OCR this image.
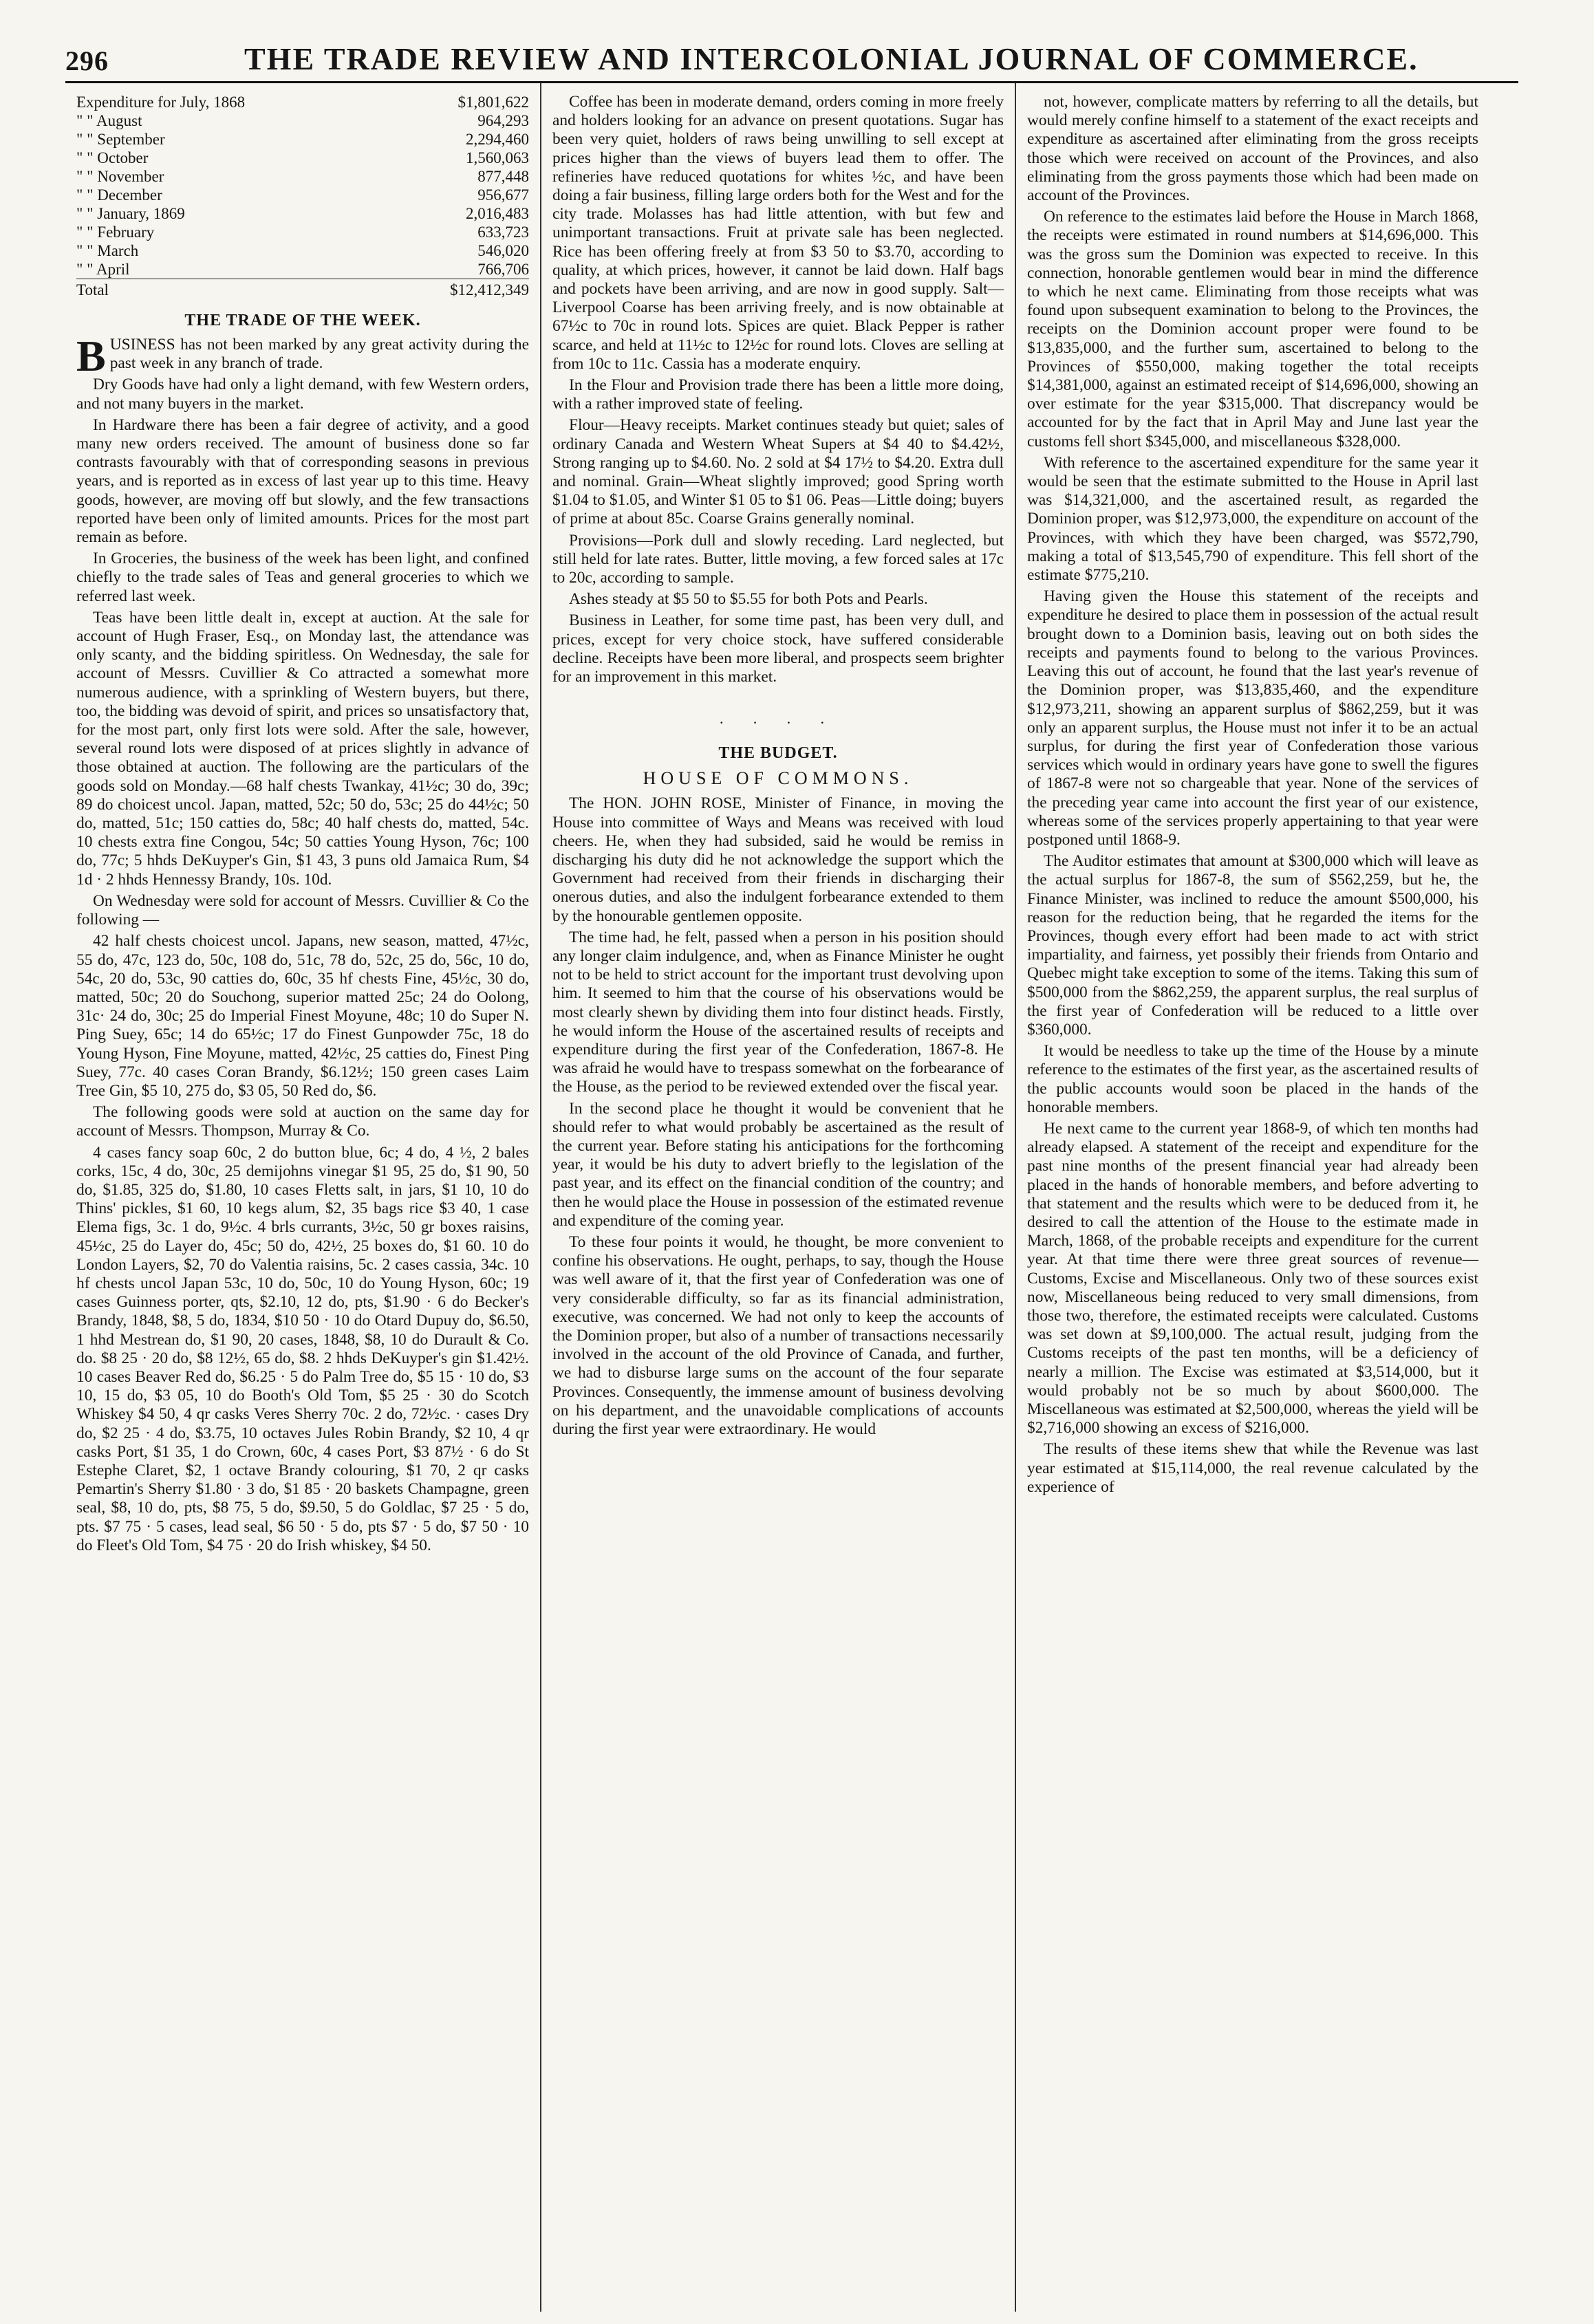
296	THE TRADE REVIEW AND INTERCOLONIAL JOURNAL OF COMMERCE.
Expenditure for July, 1868	$1,801,622
" " August	964,293
" " September	2,294,460
" " October	1,560,063
" " November	877,448
" " December	956,677
" " January, 1869	2,016,483
" " February	633,723
" " March	546,020
" " April	766,706
Total	$12,412,349
THE TRADE OF THE WEEK.

BUSINESS has not been marked by any great activity during the past week in any branch of trade.

Dry Goods have had only a light demand, with few Western orders, and not many buyers in the market.

In Hardware there has been a fair degree of activity, and a good many new orders received. The amount of business done so far contrasts favourably with that of corresponding seasons in previous years, and is reported as in excess of last year up to this time. Heavy goods, however, are moving off but slowly, and the few transactions reported have been only of limited amounts. Prices for the most part remain as before.

In Groceries, the business of the week has been light, and confined chiefly to the trade sales of Teas and general groceries to which we referred last week.

Teas have been little dealt in, except at auction. At the sale for account of Hugh Fraser, Esq., on Monday last, the attendance was only scanty, and the bidding spiritless. On Wednesday, the sale for account of Messrs. Cuvillier & Co attracted a somewhat more numerous audience, with a sprinkling of Western buyers, but there, too, the bidding was devoid of spirit, and prices so unsatisfactory that, for the most part, only first lots were sold. After the sale, however, several round lots were disposed of at prices slightly in advance of those obtained at auction. The following are the particulars of the goods sold on Monday.—68 half chests Twankay, 41½c; 30 do, 39c; 89 do choicest uncol. Japan, matted, 52c; 50 do, 53c; 25 do 44½c; 50 do, matted, 51c; 150 catties do, 58c; 40 half chests do, matted, 54c. 10 chests extra fine Congou, 54c; 50 catties Young Hyson, 76c; 100 do, 77c; 5 hhds DeKuyper's Gin, $1 43, 3 puns old Jamaica Rum, $4 1d · 2 hhds Hennessy Brandy, 10s. 10d.

On Wednesday were sold for account of Messrs. Cuvillier & Co the following —

42 half chests choicest uncol. Japans, new season, matted, 47½c, 55 do, 47c, 123 do, 50c, 108 do, 51c, 78 do, 52c, 25 do, 56c, 10 do, 54c, 20 do, 53c, 90 catties do, 60c, 35 hf chests Fine, 45½c, 30 do, matted, 50c; 20 do Souchong, superior matted 25c; 24 do Oolong, 31c· 24 do, 30c; 25 do Imperial Finest Moyune, 48c; 10 do Super N. Ping Suey, 65c; 14 do 65½c; 17 do Finest Gunpowder 75c, 18 do Young Hyson, Fine Moyune, matted, 42½c, 25 catties do, Finest Ping Suey, 77c. 40 cases Coran Brandy, $6.12½; 150 green cases Laim Tree Gin, $5 10, 275 do, $3 05, 50 Red do, $6.

The following goods were sold at auction on the same day for account of Messrs. Thompson, Murray & Co.

4 cases fancy soap 60c, 2 do button blue, 6c; 4 do, 4 ½, 2 bales corks, 15c, 4 do, 30c, 25 demijohns vinegar $1 95, 25 do, $1 90, 50 do, $1.85, 325 do, $1.80, 10 cases Fletts salt, in jars, $1 10, 10 do Thins' pickles, $1 60, 10 kegs alum, $2, 35 bags rice $3 40, 1 case Elema figs, 3c. 1 do, 9½c. 4 brls currants, 3½c, 50 gr boxes raisins, 45½c, 25 do Layer do, 45c; 50 do, 42½, 25 boxes do, $1 60. 10 do London Layers, $2, 70 do Valentia raisins, 5c. 2 cases cassia, 34c. 10 hf chests uncol Japan 53c, 10 do, 50c, 10 do Young Hyson, 60c; 19 cases Guinness porter, qts, $2.10, 12 do, pts, $1.90 · 6 do Becker's Brandy, 1848, $8, 5 do, 1834, $10 50 · 10 do Otard Dupuy do, $6.50, 1 hhd Mestrean do, $1 90, 20 cases, 1848, $8, 10 do Durault & Co. do. $8 25 · 20 do, $8 12½, 65 do, $8. 2 hhds DeKuyper's gin $1.42½. 10 cases Beaver Red do, $6.25 · 5 do Palm Tree do, $5 15 · 10 do, $3 10, 15 do, $3 05, 10 do Booth's Old Tom, $5 25 · 30 do Scotch Whiskey $4 50, 4 qr casks Veres Sherry 70c. 2 do, 72½c. · cases Dry do, $2 25 · 4 do, $3.75, 10 octaves Jules Robin Brandy, $2 10, 4 qr casks Port, $1 35, 1 do Crown, 60c, 4 cases Port, $3 87½ · 6 do St Estephe Claret, $2, 1 octave Brandy colouring, $1 70, 2 qr casks Pemartin's Sherry $1.80 · 3 do, $1 85 · 20 baskets Champagne, green seal, $8, 10 do, pts, $8 75, 5 do, $9.50, 5 do Goldlac, $7 25 · 5 do, pts. $7 75 · 5 cases, lead seal, $6 50 · 5 do, pts $7 · 5 do, $7 50 · 10 do Fleet's Old Tom, $4 75 · 20 do Irish whiskey, $4 50.

Coffee has been in moderate demand, orders coming in more freely and holders looking for an advance on present quotations. Sugar has been very quiet, holders of raws being unwilling to sell except at prices higher than the views of buyers lead them to offer. The refineries have reduced quotations for whites ½c, and have been doing a fair business, filling large orders both for the West and for the city trade. Molasses has had little attention, with but few and unimportant transactions. Fruit at private sale has been neglected. Rice has been offering freely at from $3 50 to $3.70, according to quality, at which prices, however, it cannot be laid down. Half bags and pockets have been arriving, and are now in good supply. Salt—Liverpool Coarse has been arriving freely, and is now obtainable at 67½c to 70c in round lots. Spices are quiet. Black Pepper is rather scarce, and held at 11½c to 12½c for round lots. Cloves are selling at from 10c to 11c. Cassia has a moderate enquiry.

In the Flour and Provision trade there has been a little more doing, with a rather improved state of feeling.

Flour—Heavy receipts. Market continues steady but quiet; sales of ordinary Canada and Western Wheat Supers at $4 40 to $4.42½, Strong ranging up to $4.60. No. 2 sold at $4 17½ to $4.20. Extra dull and nominal. Grain—Wheat slightly improved; good Spring worth $1.04 to $1.05, and Winter $1 05 to $1 06. Peas—Little doing; buyers of prime at about 85c. Coarse Grains generally nominal.

Provisions—Pork dull and slowly receding. Lard neglected, but still held for late rates. Butter, little moving, a few forced sales at 17c to 20c, according to sample.

Ashes steady at $5 50 to $5.55 for both Pots and Pearls.

Business in Leather, for some time past, has been very dull, and prices, except for very choice stock, have suffered considerable decline. Receipts have been more liberal, and prospects seem brighter for an improvement in this market.

· · · ·
THE BUDGET.
HOUSE OF COMMONS.

The HON. JOHN ROSE, Minister of Finance, in moving the House into committee of Ways and Means was received with loud cheers. He, when they had subsided, said he would be remiss in discharging his duty did he not acknowledge the support which the Government had received from their friends in discharging their onerous duties, and also the indulgent forbearance extended to them by the honourable gentlemen opposite.

The time had, he felt, passed when a person in his position should any longer claim indulgence, and, when as Finance Minister he ought not to be held to strict account for the important trust devolving upon him. It seemed to him that the course of his observations would be most clearly shewn by dividing them into four distinct heads. Firstly, he would inform the House of the ascertained results of receipts and expenditure during the first year of the Confederation, 1867-8. He was afraid he would have to trespass somewhat on the forbearance of the House, as the period to be reviewed extended over the fiscal year.

In the second place he thought it would be convenient that he should refer to what would probably be ascertained as the result of the current year. Before stating his anticipations for the forthcoming year, it would be his duty to advert briefly to the legislation of the past year, and its effect on the financial condition of the country; and then he would place the House in possession of the estimated revenue and expenditure of the coming year.

To these four points it would, he thought, be more convenient to confine his observations. He ought, perhaps, to say, though the House was well aware of it, that the first year of Confederation was one of very considerable difficulty, so far as its financial administration, executive, was concerned. We had not only to keep the accounts of the Dominion proper, but also of a number of transactions necessarily involved in the account of the old Province of Canada, and further, we had to disburse large sums on the account of the four separate Provinces. Consequently, the immense amount of business devolving on his department, and the unavoidable complications of accounts during the first year were extraordinary. He would

not, however, complicate matters by referring to all the details, but would merely confine himself to a statement of the exact receipts and expenditure as ascertained after eliminating from the gross receipts those which were received on account of the Provinces, and also eliminating from the gross payments those which had been made on account of the Provinces.

On reference to the estimates laid before the House in March 1868, the receipts were estimated in round numbers at $14,696,000. This was the gross sum the Dominion was expected to receive. In this connection, honorable gentlemen would bear in mind the difference to which he next came. Eliminating from those receipts what was found upon subsequent examination to belong to the Provinces, the receipts on the Dominion account proper were found to be $13,835,000, and the further sum, ascertained to belong to the Provinces of $550,000, making together the total receipts $14,381,000, against an estimated receipt of $14,696,000, showing an over estimate for the year $315,000. That discrepancy would be accounted for by the fact that in April May and June last year the customs fell short $345,000, and miscellaneous $328,000.

With reference to the ascertained expenditure for the same year it would be seen that the estimate submitted to the House in April last was $14,321,000, and the ascertained result, as regarded the Dominion proper, was $12,973,000, the expenditure on account of the Provinces, with which they have been charged, was $572,790, making a total of $13,545,790 of expenditure. This fell short of the estimate $775,210.

Having given the House this statement of the receipts and expenditure he desired to place them in possession of the actual result brought down to a Dominion basis, leaving out on both sides the receipts and payments found to belong to the various Provinces. Leaving this out of account, he found that the last year's revenue of the Dominion proper, was $13,835,460, and the expenditure $12,973,211, showing an apparent surplus of $862,259, but it was only an apparent surplus, the House must not infer it to be an actual surplus, for during the first year of Confederation those various services which would in ordinary years have gone to swell the figures of 1867-8 were not so chargeable that year. None of the services of the preceding year came into account the first year of our existence, whereas some of the services properly appertaining to that year were postponed until 1868-9.

The Auditor estimates that amount at $300,000 which will leave as the actual surplus for 1867-8, the sum of $562,259, but he, the Finance Minister, was inclined to reduce the amount $500,000, his reason for the reduction being, that he regarded the items for the Provinces, though every effort had been made to act with strict impartiality, and fairness, yet possibly their friends from Ontario and Quebec might take exception to some of the items. Taking this sum of $500,000 from the $862,259, the apparent surplus, the real surplus of the first year of Confederation will be reduced to a little over $360,000.

It would be needless to take up the time of the House by a minute reference to the estimates of the first year, as the ascertained results of the public accounts would soon be placed in the hands of the honorable members.

He next came to the current year 1868-9, of which ten months had already elapsed. A statement of the receipt and expenditure for the past nine months of the present financial year had already been placed in the hands of honorable members, and before adverting to that statement and the results which were to be deduced from it, he desired to call the attention of the House to the estimate made in March, 1868, of the probable receipts and expenditure for the current year. At that time there were three great sources of revenue—Customs, Excise and Miscellaneous. Only two of these sources exist now, Miscellaneous being reduced to very small dimensions, from those two, therefore, the estimated receipts were calculated. Customs was set down at $9,100,000. The actual result, judging from the Customs receipts of the past ten months, will be a deficiency of nearly a million. The Excise was estimated at $3,514,000, but it would probably not be so much by about $600,000. The Miscellaneous was estimated at $2,500,000, whereas the yield will be $2,716,000 showing an excess of $216,000.

The results of these items shew that while the Revenue was last year estimated at $15,114,000, the real revenue calculated by the experience of
